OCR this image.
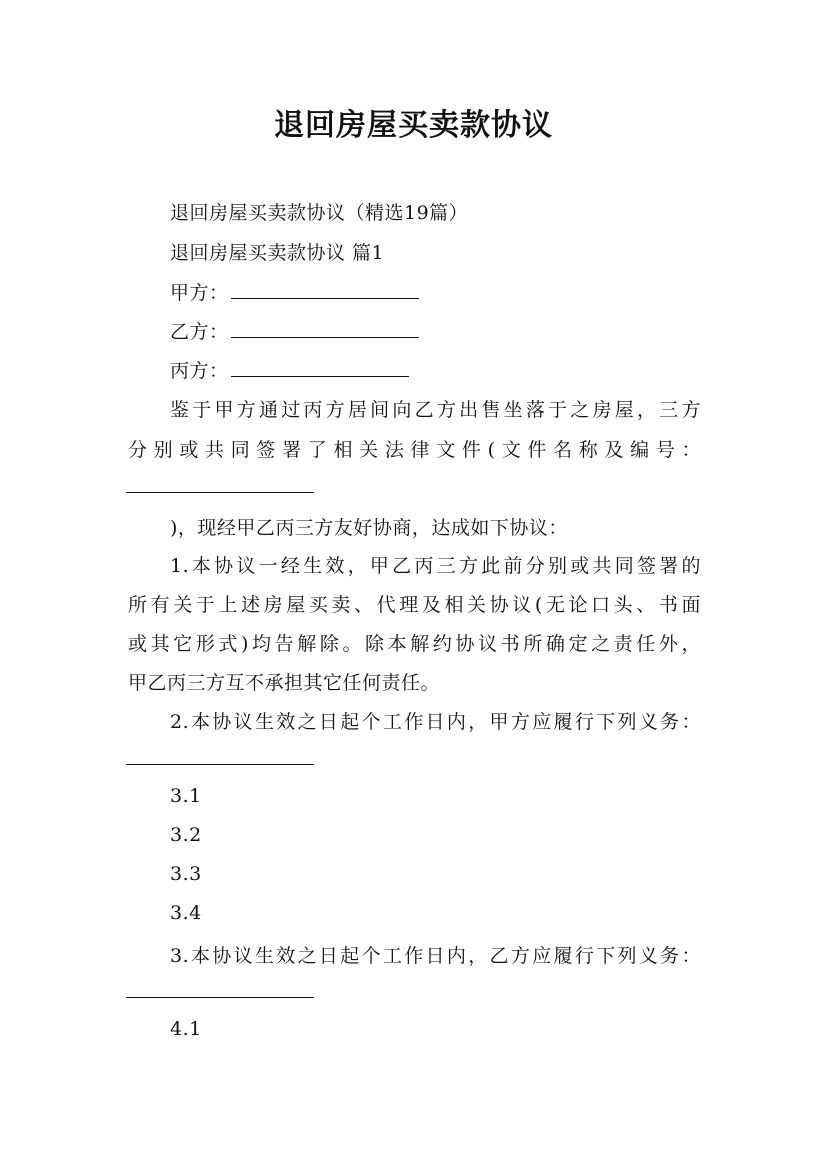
退回房屋买卖款协议
退回房屋买卖款协议（精选19篇）
退回房屋买卖款协议 篇1
甲方：
乙方：
丙方：
鉴于甲方通过丙方居间向乙方出售坐落于之房屋，三方
分别或共同签署了相关法律文件(文件名称及编号：
)，现经甲乙丙三方友好协商，达成如下协议：
1.本协议一经生效，甲乙丙三方此前分别或共同签署的
所有关于上述房屋买卖、代理及相关协议(无论口头、书面
或其它形式)均告解除。除本解约协议书所确定之责任外，
甲乙丙三方互不承担其它任何责任。
2.本协议生效之日起个工作日内，甲方应履行下列义务：
3.1
3.2
3.3
3.4
3.本协议生效之日起个工作日内，乙方应履行下列义务：
4.1
